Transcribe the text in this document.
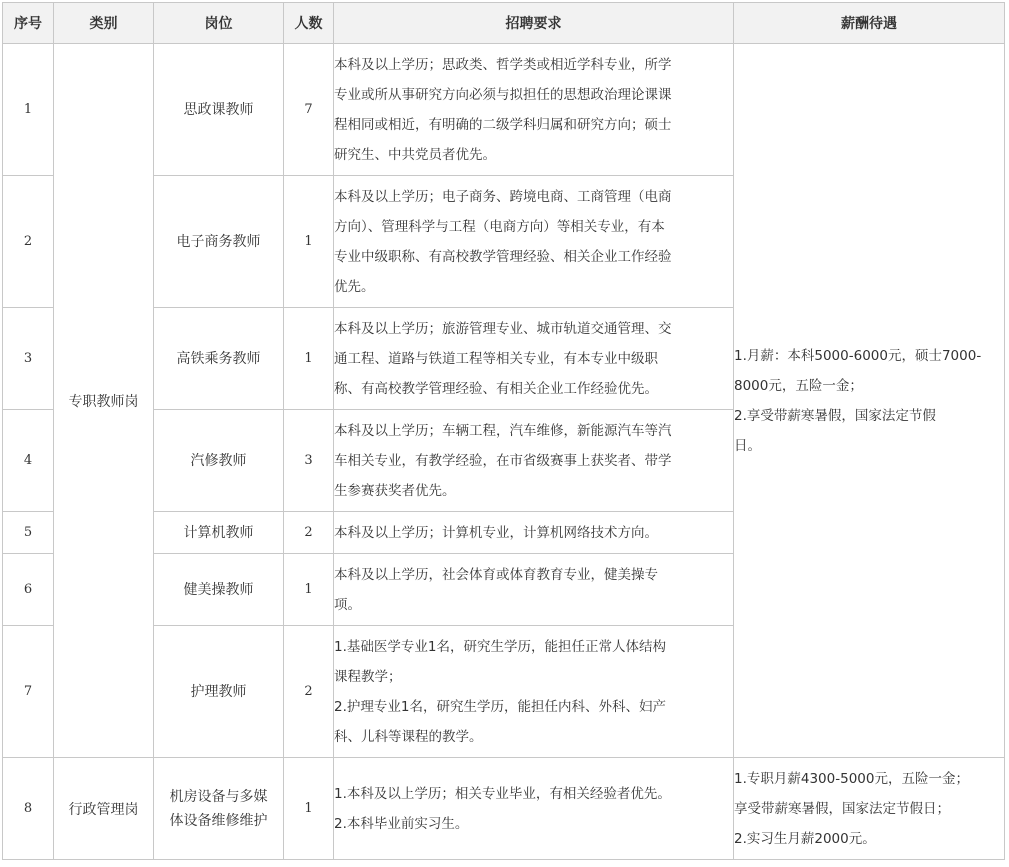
序号	类别	岗位	人数	招聘要求	薪酬待遇
1	专职教师岗	思政课教师	7	本科及以上学历；思政类、哲学类或相近学科专业，所学
专业或所从事研究方向必须与拟担任的思想政治理论课课
程相同或相近，有明确的二级学科归属和研究方向；硕士
研究生、中共党员者优先。	1.月薪：本科5000-6000元，硕士7000-
8000元，五险一金；
2.享受带薪寒暑假，国家法定节假
日。

2		电子商务教师	1	本科及以上学历；电子商务、跨境电商、工商管理（电商
方向）、管理科学与工程（电商方向）等相关专业，有本
专业中级职称、有高校教学管理经验、相关企业工作经验
优先。	

3		高铁乘务教师	1	本科及以上学历；旅游管理专业、城市轨道交通管理、交
通工程、道路与铁道工程等相关专业，有本专业中级职
称、有高校教学管理经验、有相关企业工作经验优先。	

4		汽修教师	3	本科及以上学历；车辆工程，汽车维修，新能源汽车等汽
车相关专业，有教学经验，在市省级赛事上获奖者、带学
生参赛获奖者优先。	

5		计算机教师	2	本科及以上学历；计算机专业，计算机网络技术方向。	

6		健美操教师	1	本科及以上学历，社会体育或体育教育专业，健美操专
项。	

7		护理教师	2	1.基础医学专业1名，研究生学历，能担任正常人体结构
课程教学；
2.护理专业1名，研究生学历，能担任内科、外科、妇产
科、儿科等课程的教学。	

8	行政管理岗	机房设备与多媒
体设备维修维护	1	1.本科及以上学历；相关专业毕业，有相关经验者优先。
2.本科毕业前实习生。	1.专职月薪4300-5000元，五险一金；
享受带薪寒暑假，国家法定节假日；
2.实习生月薪2000元。
